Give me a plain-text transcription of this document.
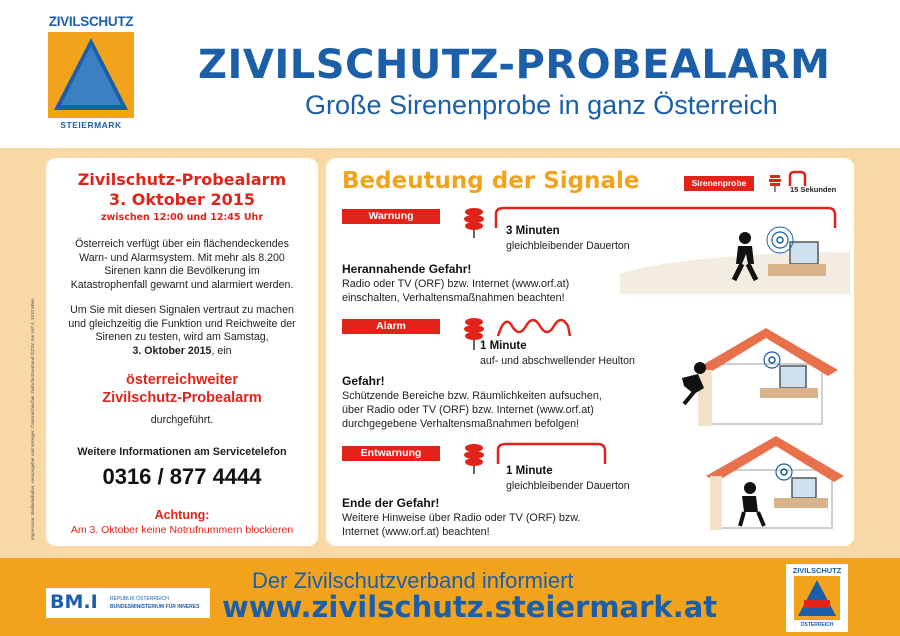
ZIVILSCHUTZ
STEIERMARK
ZIVILSCHUTZ-PROBEALARM
Große Sirenenprobe in ganz Österreich
Impressum: Medieninhaber, Herausgeber und Verleger: Österreichischer Zivilschutzverband ÖZSV, Am Hof 4, 1010 Wien
Zivilschutz-Probealarm
3. Oktober 2015
zwischen 12:00 und 12:45 Uhr
Österreich verfügt über ein flächendeckendes
Warn- und Alarmsystem. Mit mehr als 8.200
Sirenen kann die Bevölkerung im
Katastrophenfall gewarnt und alarmiert werden.
Um Sie mit diesen Signalen vertraut zu machen
und gleichzeitig die Funktion und Reichweite der
Sirenen zu testen, wird am Samstag,
3. Oktober 2015, ein
österreichweiter
Zivilschutz-Probealarm
durchgeführt.
Weitere Informationen am Servicetelefon
0316 / 877 4444
Achtung:
Am 3. Oktober keine Notrufnummern blockieren
Bedeutung der Signale	Sirenenprobe
15 Sekunden
Warnung
3 Minuten
gleichbleibender Dauerton
Herannahende Gefahr!
Radio oder TV (ORF) bzw. Internet (www.orf.at)
einschalten, Verhaltensmaßnahmen beachten!
Alarm
1 Minute
auf- und abschwellender Heulton
Gefahr!
Schützende Bereiche bzw. Räumlichkeiten aufsuchen,
über Radio oder TV (ORF) bzw. Internet (www.orf.at)
durchgegebene Verhaltensmaßnahmen befolgen!
Entwarnung
1 Minute
gleichbleibender Dauerton
Ende der Gefahr!
Weitere Hinweise über Radio oder TV (ORF) bzw.
Internet (www.orf.at) beachten!
BM.I REPUBLIK ÖSTERREICH
BUNDESMINISTERIUM FÜR INNERES
Der Zivilschutzverband informiert
www.zivilschutz.steiermark.at
ZIVILSCHUTZ
ÖSTERREICH
